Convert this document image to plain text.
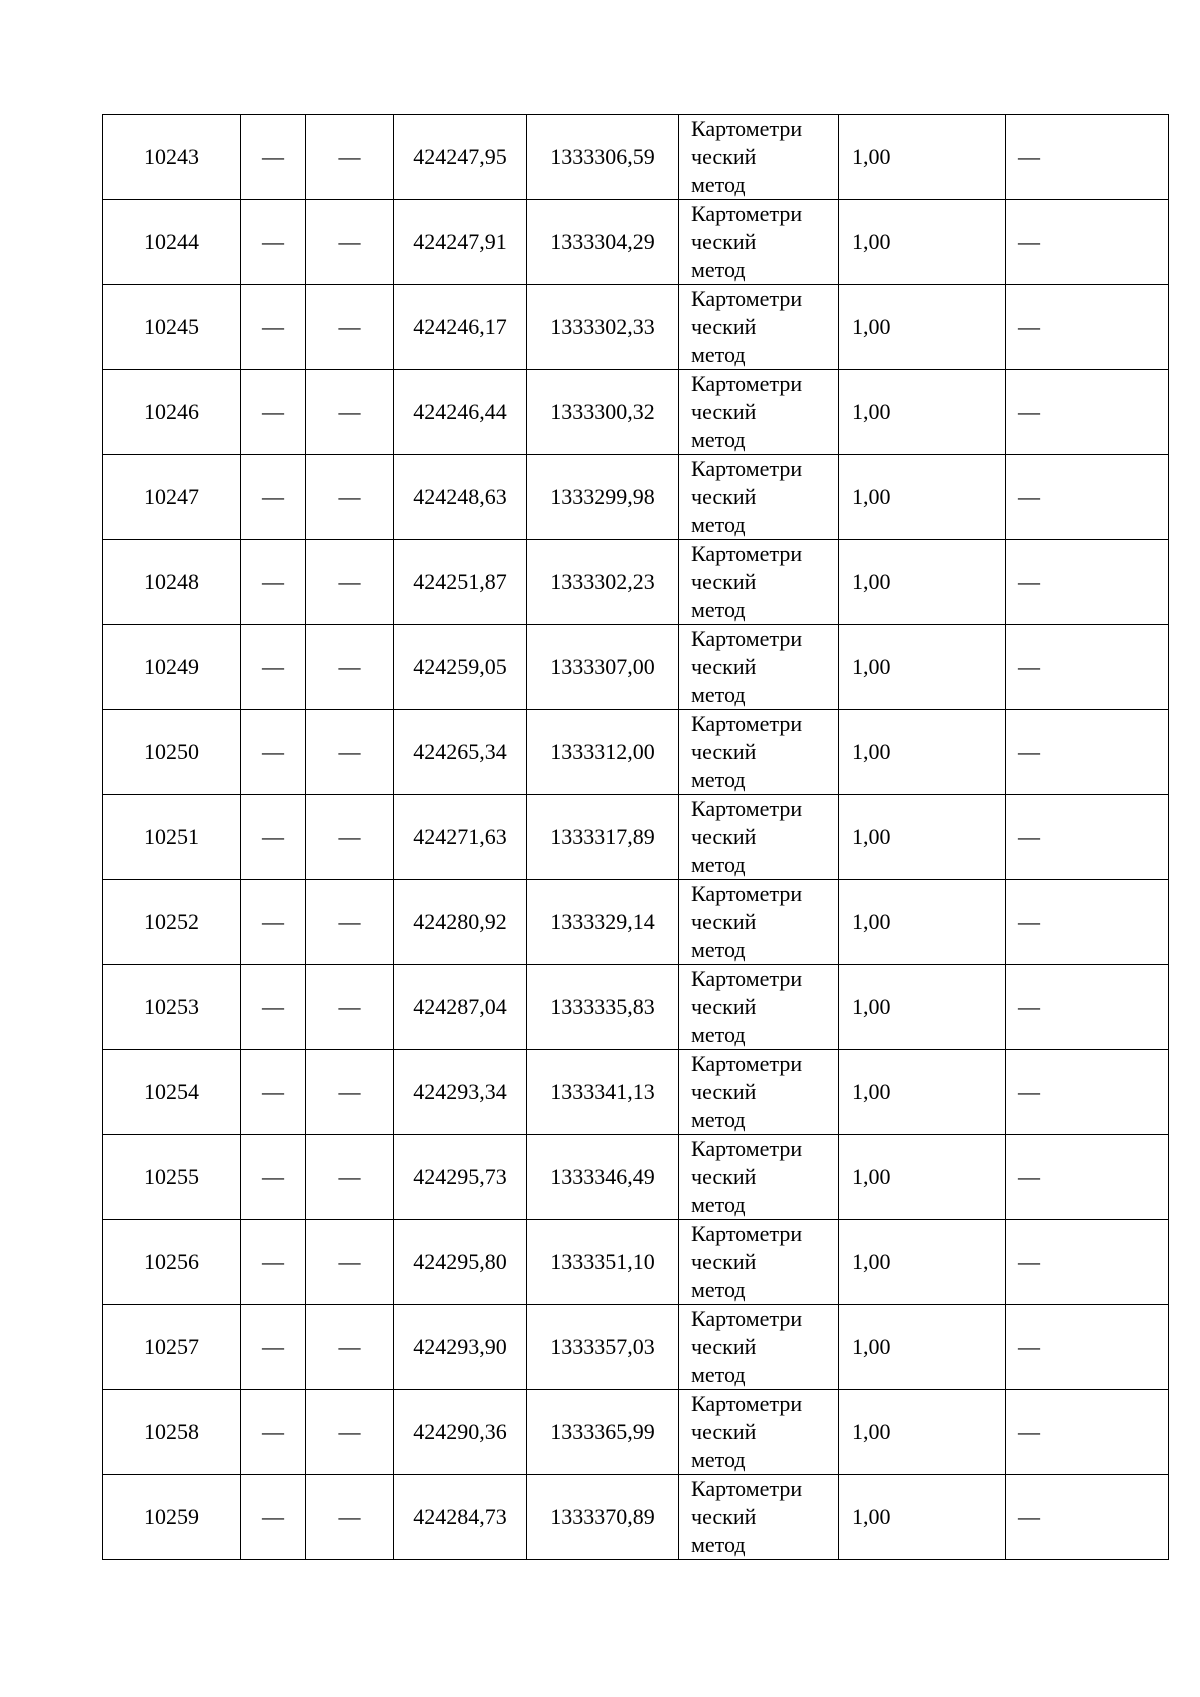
10243	—	—	424247,95	1333306,59	Картометри ческий метод	1,00	—
10244	—	—	424247,91	1333304,29	Картометри ческий метод	1,00	—
10245	—	—	424246,17	1333302,33	Картометри ческий метод	1,00	—
10246	—	—	424246,44	1333300,32	Картометри ческий метод	1,00	—
10247	—	—	424248,63	1333299,98	Картометри ческий метод	1,00	—
10248	—	—	424251,87	1333302,23	Картометри ческий метод	1,00	—
10249	—	—	424259,05	1333307,00	Картометри ческий метод	1,00	—
10250	—	—	424265,34	1333312,00	Картометри ческий метод	1,00	—
10251	—	—	424271,63	1333317,89	Картометри ческий метод	1,00	—
10252	—	—	424280,92	1333329,14	Картометри ческий метод	1,00	—
10253	—	—	424287,04	1333335,83	Картометри ческий метод	1,00	—
10254	—	—	424293,34	1333341,13	Картометри ческий метод	1,00	—
10255	—	—	424295,73	1333346,49	Картометри ческий метод	1,00	—
10256	—	—	424295,80	1333351,10	Картометри ческий метод	1,00	—
10257	—	—	424293,90	1333357,03	Картометри ческий метод	1,00	—
10258	—	—	424290,36	1333365,99	Картометри ческий метод	1,00	—
10259	—	—	424284,73	1333370,89	Картометри ческий метод	1,00	—
